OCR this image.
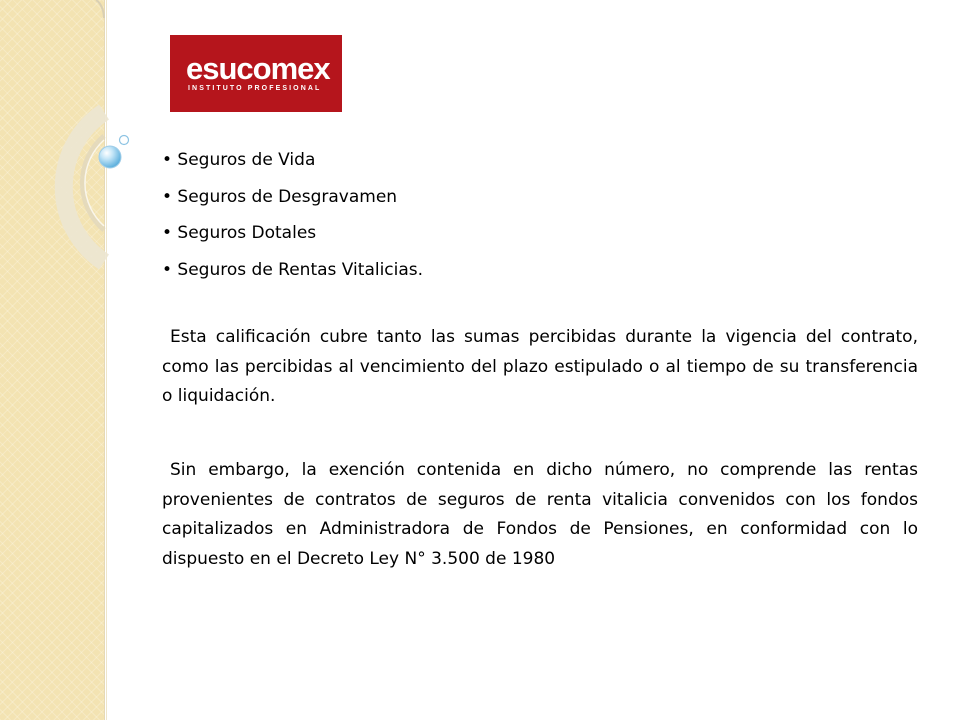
esucomex
INSTITUTO PROFESIONAL
• Seguros de Vida
• Seguros de Desgravamen
• Seguros Dotales
• Seguros de Rentas Vitalicias.

Esta calificación cubre tanto las sumas percibidas durante la vigencia del contrato, como las percibidas al vencimiento del plazo estipulado o al tiempo de su transferencia o liquidación.

Sin embargo, la exención contenida en dicho número, no comprende las rentas provenientes de contratos de seguros de renta vitalicia convenidos con los fondos capitalizados en Administradora de Fondos de Pensiones, en conformidad con lo dispuesto en el Decreto Ley N° 3.500 de 1980
